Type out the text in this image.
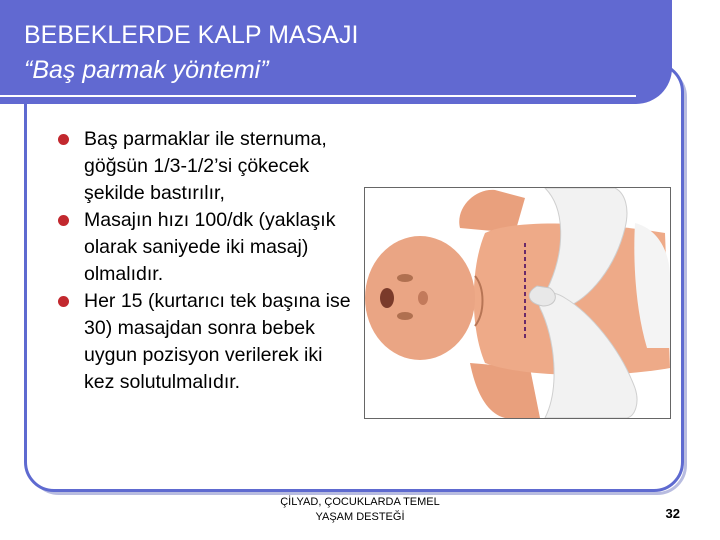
BEBEKLERDE KALP MASAJI
“Baş parmak yöntemi”
Baş parmaklar ile sternuma, göğsün 1/3-1/2’si çökecek şekilde bastırılır,
Masajın hızı 100/dk (yaklaşık olarak saniyede iki masaj) olmalıdır.
Her 15 (kurtarıcı tek başına ise 30) masajdan sonra bebek uygun pozisyon verilerek iki kez solutulmalıdır.
ÇİLYAD, ÇOCUKLARDA TEMEL
YAŞAM DESTEĞİ	32
